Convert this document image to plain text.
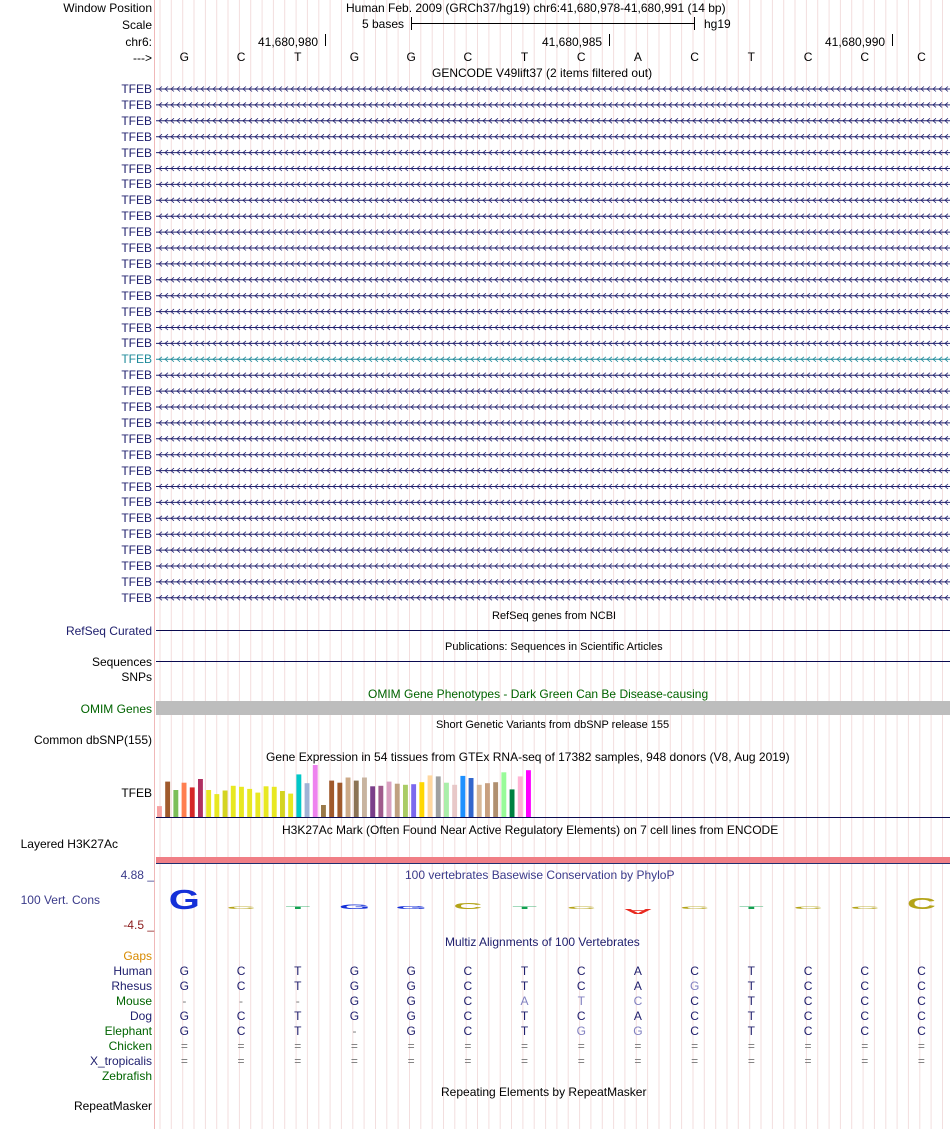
Window Position	Human Feb. 2009 (GRCh37/hg19) chr6:41,680,978-41,680,991 (14 bp)
Scale	5 bases	hg19
chr6:	41,680,980	41,680,985	41,680,990
--->	G	C	T	G	G	C	T	C	A	C	T	C	C	C
GENCODE V49lift37 (2 items filtered out)
TFEB
TFEB
TFEB
TFEB
TFEB
TFEB
TFEB
TFEB
TFEB
TFEB
TFEB
TFEB
TFEB
TFEB
TFEB
TFEB
TFEB
TFEB
TFEB
TFEB
TFEB
TFEB
TFEB
TFEB
TFEB
TFEB
TFEB
TFEB
TFEB
TFEB
TFEB
TFEB
TFEB
RefSeq genes from NCBI
RefSeq Curated
Publications: Sequences in Scientific Articles
Sequences
SNPs
OMIM Gene Phenotypes - Dark Green Can Be Disease-causing
OMIM Genes
Short Genetic Variants from dbSNP release 155
Common dbSNP(155)
Gene Expression in 54 tissues from GTEx RNA-seq of 17382 samples, 948 donors (V8, Aug 2019)
TFEB
H3K27Ac Mark (Often Found Near Active Regulatory Elements) on 7 cell lines from ENCODE
Layered H3K27Ac
100 vertebrates Basewise Conservation by PhyloP
4.88 _
100 Vert. Cons
-4.5 _
G C T G G C T C A C T C C C
Multiz Alignments of 100 Vertebrates
Gaps
Human	G	C	T	G	G	C	T	C	A	C	T	C	C	C
Rhesus	G	C	T	G	G	C	T	C	A	G	T	C	C	C
Mouse	-	-	-	G	G	C	A	T	C	C	T	C	C	C
Dog	G	C	T	G	G	C	T	C	A	C	T	C	C	C
Elephant	G	C	T	-	G	C	T	G	G	C	T	C	C	C
Chicken	=	=	=	=	=	=	=	=	=	=	=	=	=	=
X_tropicalis	=	=	=	=	=	=	=	=	=	=	=	=	=	=
Zebrafish
Repeating Elements by RepeatMasker
RepeatMasker
